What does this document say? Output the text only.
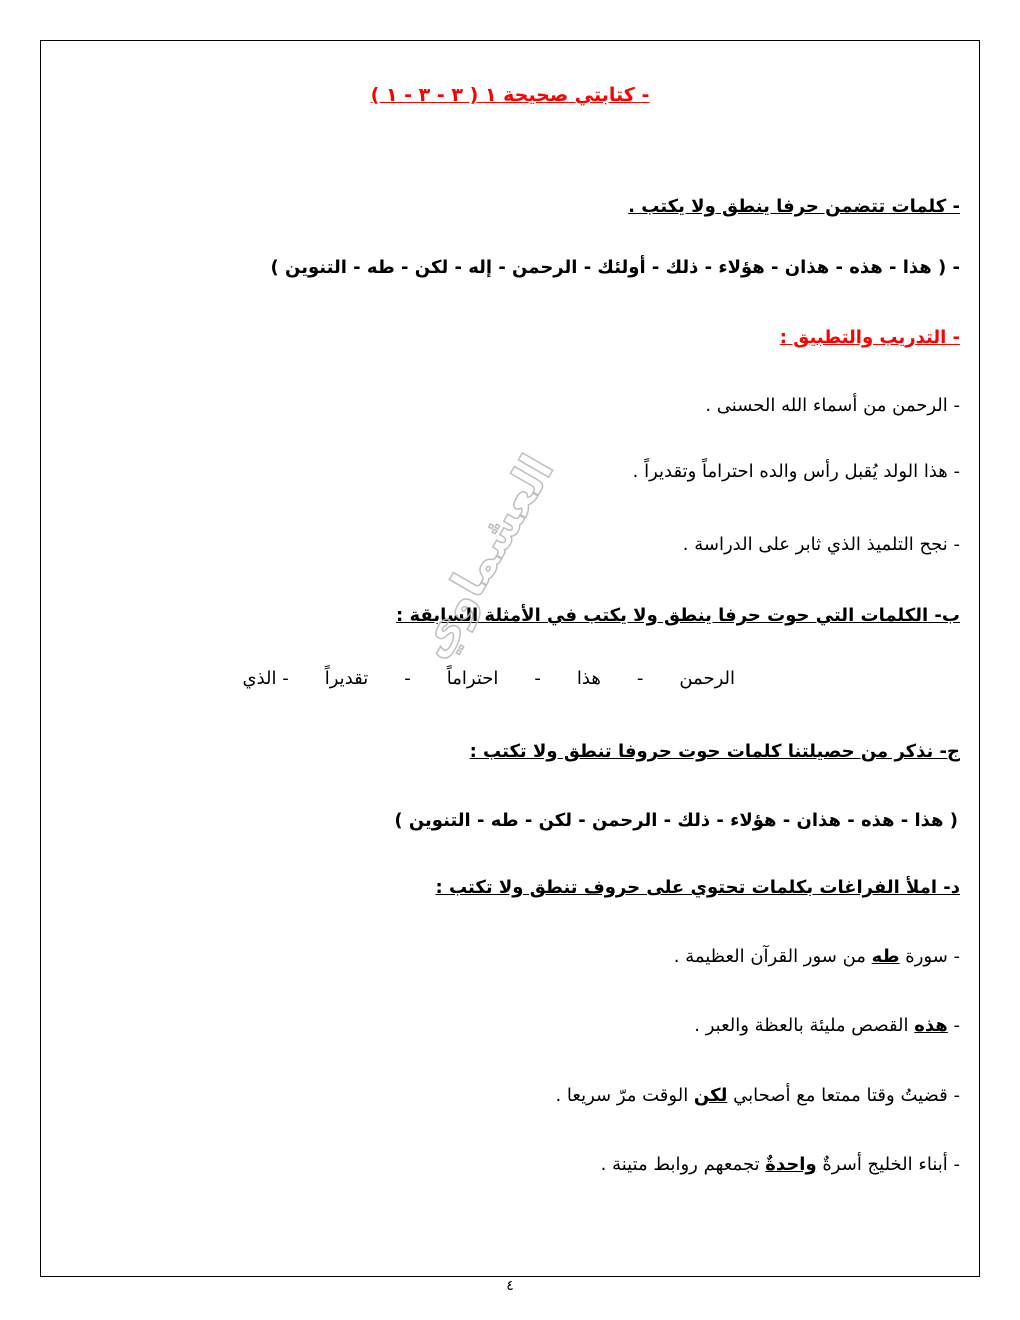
- كتابتي صحيحة ١ ( ٣ - ٣ - ١ )
- كلمات تتضمن حرفا ينطق ولا يكتب .
- ( هذا - هذه - هذان - هؤلاء - ذلك - أولئك - الرحمن - إله - لكن - طه - التنوين )
- التدريب والتطبيق :
- الرحمن من أسماء الله الحسنى .
- هذا الولد يُقبل رأس والده احتراماً وتقديراً .
- نجح التلميذ الذي ثابر على الدراسة .
ب- الكلمات التي حوت حرفا ينطق ولا يكتب في الأمثلة السابقة :
الرحمن-هذا-احتراماً-تقديراً- الذي
العشماوي
ج- نذكر من حصيلتنا كلمات حوت حروفا تنطق ولا تكتب :
( هذا - هذه - هذان - هؤلاء - ذلك - الرحمن - لكن - طه - التنوين )
د- املأ الفراغات بكلمات تحتوي على حروف تنطق ولا تكتب :
- سورة طه من سور القرآن العظيمة .
- هذه القصص مليئة بالعظة والعبر .
- قضيتُ وقتا ممتعا مع أصحابي لكن الوقت مرّ سريعا .
- أبناء الخليج أسرةٌ واحدةٌ تجمعهم روابط متينة .
٤
